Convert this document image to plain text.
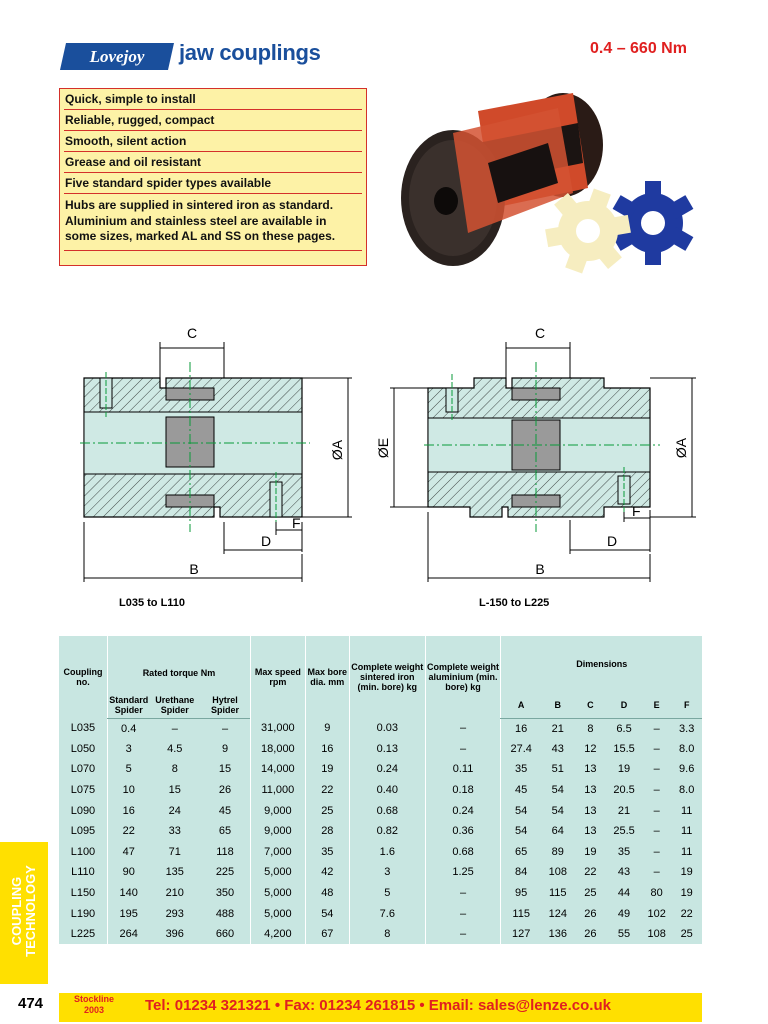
Lovejoy jaw couplings	0.4 – 660 Nm
Quick, simple to install
Reliable, rugged, compact
Smooth, silent action
Grease and oil resistant
Five standard spider types available
Hubs are supplied in sintered iron as standard. Aluminium and stainless steel are available in some sizes, marked AL and SS on these pages.
C
ØA
F
D
B
C
ØE	ØA
F
D
B
L035 to L110	L-150 to L225
Coupling no.	Rated torque Nm			Max speed rpm	Max bore dia. mm	Complete weight sintered iron (min. bore) kg	Complete weight aluminium (min. bore) kg	Dimensions					
	Standard Spider	Urethane Spider	Hytrel Spider					A	B	C	D	E	F
L035	0.4	–	–	31,000	9	0.03	–	16	21	8	6.5	–	3.3
L050	3	4.5	9	18,000	16	0.13	–	27.4	43	12	15.5	–	8.0
L070	5	8	15	14,000	19	0.24	0.11	35	51	13	19	–	9.6
L075	10	15	26	11,000	22	0.40	0.18	45	54	13	20.5	–	8.0
L090	16	24	45	9,000	25	0.68	0.24	54	54	13	21	–	11
L095	22	33	65	9,000	28	0.82	0.36	54	64	13	25.5	–	11
L100	47	71	118	7,000	35	1.6	0.68	65	89	19	35	–	11
L110	90	135	225	5,000	42	3	1.25	84	108	22	43	–	19
L150	140	210	350	5,000	48	5	–	95	115	25	44	80	19
L190	195	293	488	5,000	54	7.6	–	115	124	26	49	102	22
L225	264	396	660	4,200	67	8	–	127	136	26	55	108	25
COUPLING TECHNOLOGY
474	Stockline
2003	Tel: 01234 321321 • Fax: 01234 261815 • Email: sales@lenze.co.uk
